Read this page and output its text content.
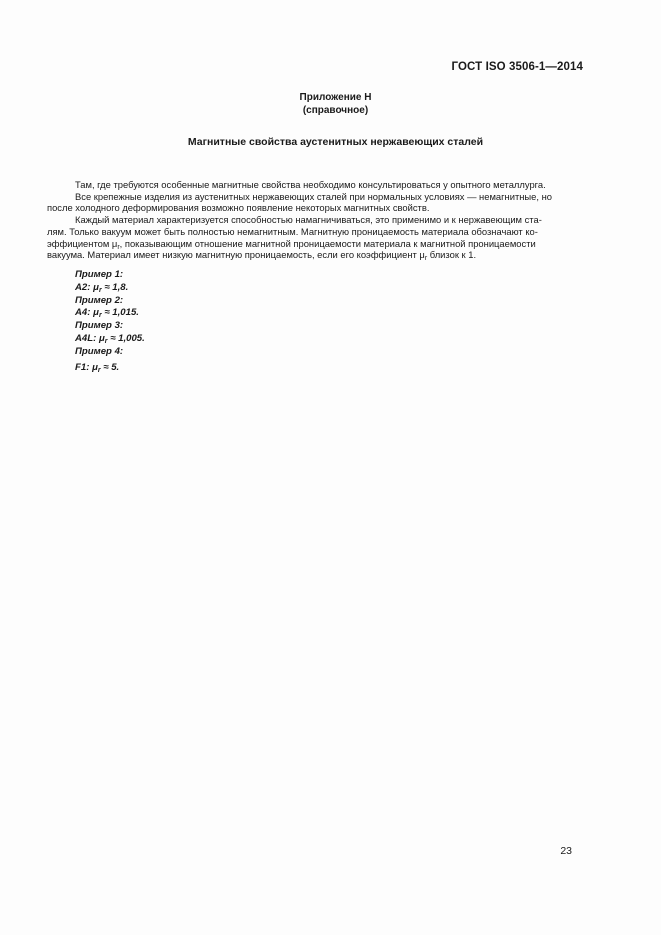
ГОСТ ISO 3506-1—2014
Приложение Н
(справочное)
Магнитные свойства аустенитных нержавеющих сталей

Там, где требуются особенные магнитные свойства необходимо консультироваться у опытного металлурга.

Все крепежные изделия из аустенитных нержавеющих сталей при нормальных условиях — немагнитные, но
после холодного деформирования возможно появление некоторых магнитных свойств.

Каждый материал характеризуется способностью намагничиваться, это применимо и к нержавеющим ста-
лям. Только вакуум может быть полностью немагнитным. Магнитную проницаемость материала обозначают ко-
эффициентом $\mu_r$, показывающим отношение магнитной проницаемости материала к магнитной проницаемости
вакуума. Материал имеет низкую магнитную проницаемость, если его коэффициент $\mu_r$ близок к 1.

Пример 1:
A2: $\mu_r \approx 1,8$.
Пример 2:
A4: $\mu_r \approx 1,015$.
Пример 3:
A4L: $\mu_r \approx 1,005$.
Пример 4:
F1: $\mu_r \approx 5$.
23
